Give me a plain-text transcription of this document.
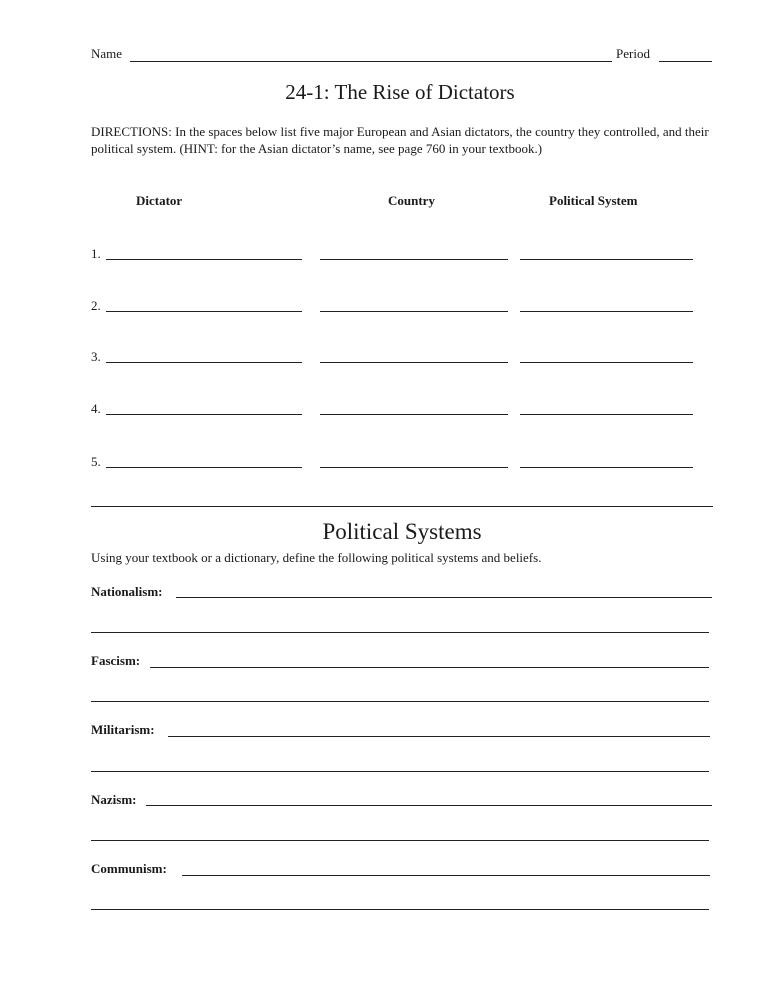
Name	Period
24-1: The Rise of Dictators
DIRECTIONS: In the spaces below list five major European and Asian dictators, the country they controlled, and their political system. (HINT: for the Asian dictator’s name, see page 760 in your textbook.)
Dictator	Country	Political System
1.
2.
3.
4.
5.
Political Systems
Using your textbook or a dictionary, define the following political systems and beliefs.
Nationalism:
Fascism:
Militarism:
Nazism:
Communism:
